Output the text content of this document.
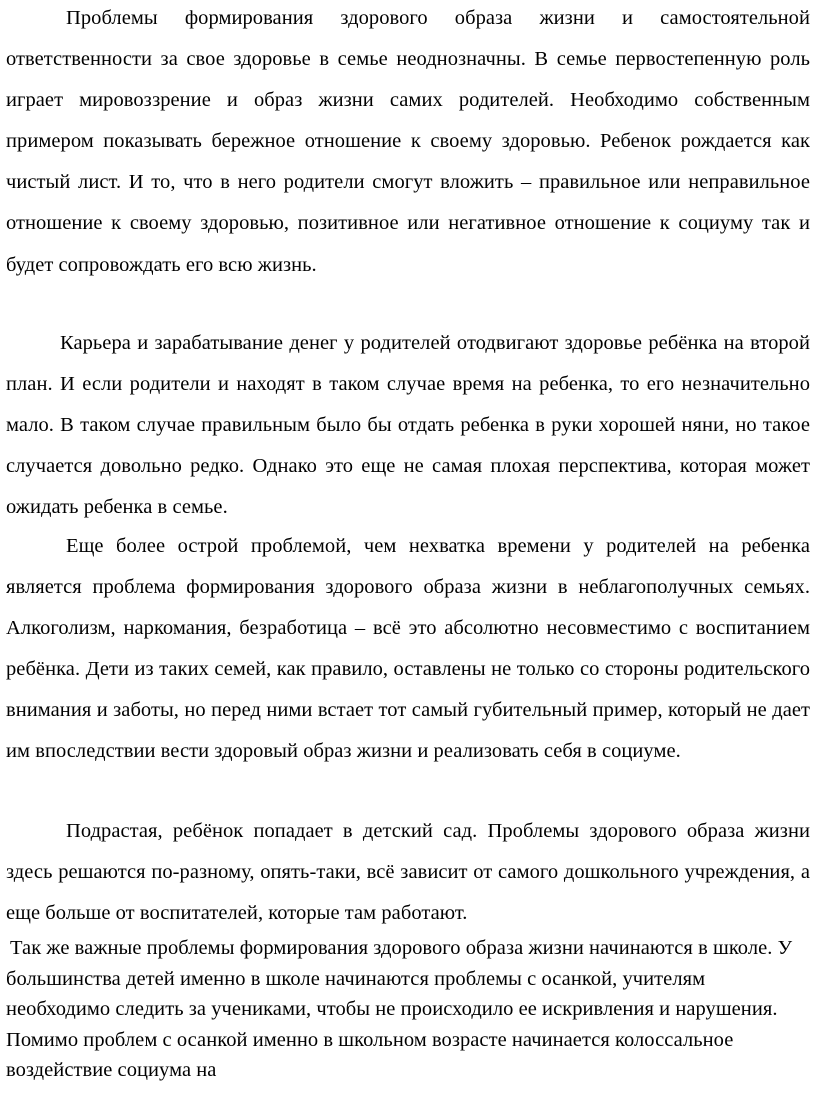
Проблемы формирования здорового образа жизни и самостоятельной ответственности за свое здоровье в семье неоднозначны. В семье первостепенную роль играет мировоззрение и образ жизни самих родителей. Необходимо собственным примером показывать бережное отношение к своему здоровью. Ребенок рождается как чистый лист. И то, что в него родители смогут вложить – правильное или неправильное отношение к своему здоровью, позитивное или негативное отношение к социуму так и будет сопровождать его всю жизнь.

Карьера и зарабатывание денег у родителей отодвигают здоровье ребёнка на второй план. И если родители и находят в таком случае время на ребенка, то его незначительно мало. В таком случае правильным было бы отдать ребенка в руки хорошей няни, но такое случается довольно редко. Однако это еще не самая плохая перспектива, которая может ожидать ребенка в семье.

Еще более острой проблемой, чем нехватка времени у родителей на ребенка является проблема формирования здорового образа жизни в неблагополучных семьях. Алкоголизм, наркомания, безработица – всё это абсолютно несовместимо с воспитанием ребёнка. Дети из таких семей, как правило, оставлены не только со стороны родительского внимания и заботы, но перед ними встает тот самый губительный пример, который не дает им впоследствии вести здоровый образ жизни и реализовать себя в социуме.

Подрастая, ребёнок попадает в детский сад. Проблемы здорового образа жизни здесь решаются по-разному, опять-таки, всё зависит от самого дошкольного учреждения, а еще больше от воспитателей, которые там работают.

Так же важные проблемы формирования здорового образа жизни начинаются в школе. У большинства детей именно в школе начинаются проблемы с осанкой, учителям необходимо следить за учениками, чтобы не происходило ее искривления и нарушения. Помимо проблем с осанкой именно в школьном возрасте начинается колоссальное воздействие социума на
